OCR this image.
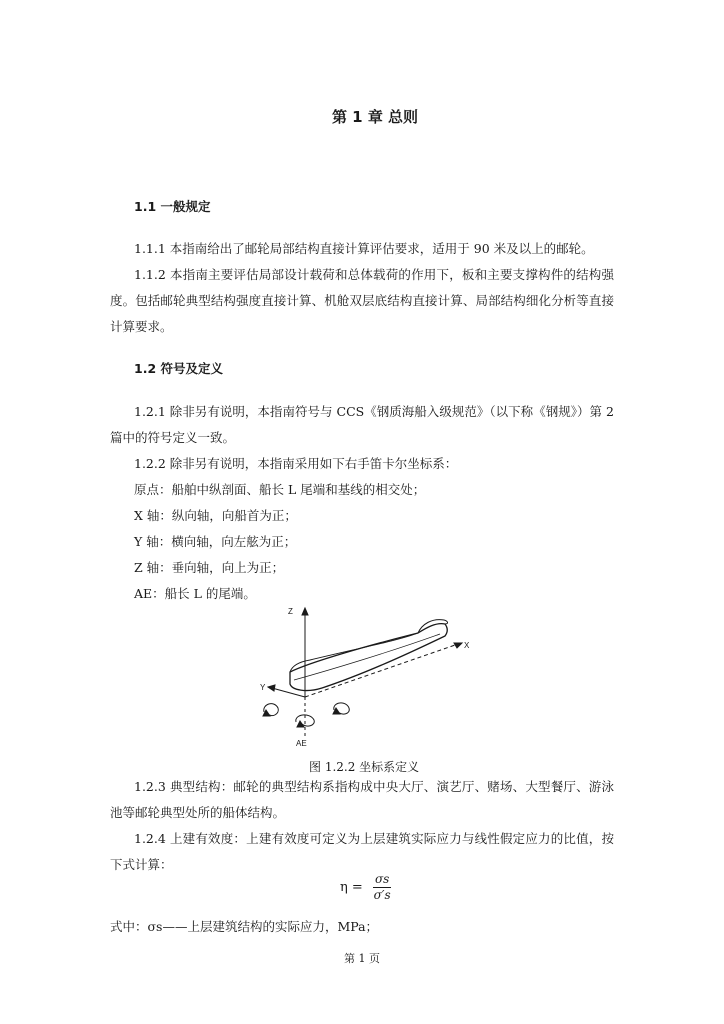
第 1 章 总则
1.1 一般规定
1.1.1 本指南给出了邮轮局部结构直接计算评估要求，适用于 90 米及以上的邮轮。
1.1.2 本指南主要评估局部设计载荷和总体载荷的作用下，板和主要支撑构件的结构强
度。包括邮轮典型结构强度直接计算、机舱双层底结构直接计算、局部结构细化分析等直接
计算要求。
1.2 符号及定义
1.2.1 除非另有说明，本指南符号与 CCS《钢质海船入级规范》（以下称《钢规》）第 2
篇中的符号定义一致。
1.2.2 除非另有说明，本指南采用如下右手笛卡尔坐标系：
原点：船舶中纵剖面、船长 L 尾端和基线的相交处；
X 轴：纵向轴，向船首为正；
Y 轴：横向轴，向左舷为正；
Z 轴：垂向轴，向上为正；
AE：船长 L 的尾端。
Z
X
Y
AE
图 1.2.2 坐标系定义
1.2.3 典型结构：邮轮的典型结构系指构成中央大厅、演艺厅、赌场、大型餐厅、游泳
池等邮轮典型处所的船体结构。
1.2.4 上建有效度：上建有效度可定义为上层建筑实际应力与线性假定应力的比值，按
下式计算：
$\eta = \frac{\sigma s}{\sigma's}$
式中：σs——上层建筑结构的实际应力，MPa；
第 1 页
